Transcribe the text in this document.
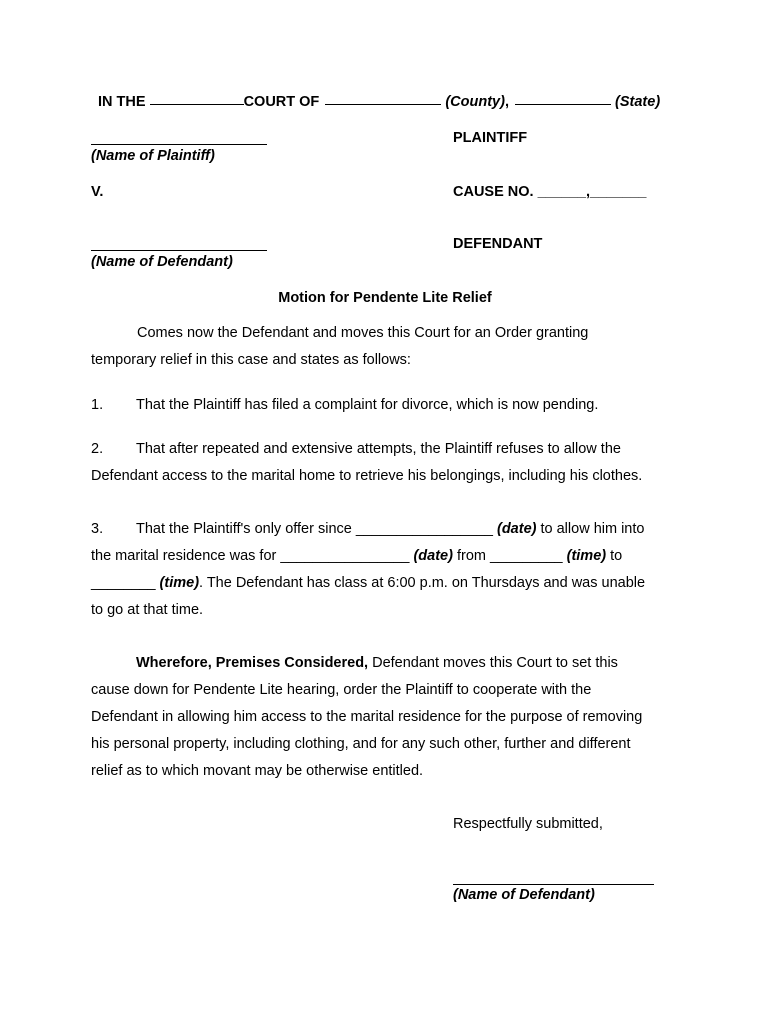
IN THE	COURT OF	(County),	(State)
(Name of Plaintiff)
PLAINTIFF
V.	CAUSE NO. ______,_______
(Name of Defendant)
DEFENDANT
Motion for Pendente Lite Relief
Comes now the Defendant and moves this Court for an Order granting
temporary relief in this case and states as follows:
1. That the Plaintiff has filed a complaint for divorce, which is now pending.
2. That after repeated and extensive attempts, the Plaintiff refuses to allow the
Defendant access to the marital home to retrieve his belongings, including his clothes.
3. That the Plaintiff's only offer since _________________ (date) to allow him into
the marital residence was for ________________ (date) from _________ (time) to
________ (time). The Defendant has class at 6:00 p.m. on Thursdays and was unable
to go at that time.
Wherefore, Premises Considered, Defendant moves this Court to set this
cause down for Pendente Lite hearing, order the Plaintiff to cooperate with the
Defendant in allowing him access to the marital residence for the purpose of removing
his personal property, including clothing, and for any such other, further and different
relief as to which movant may be otherwise entitled.
Respectfully submitted,
(Name of Defendant)
